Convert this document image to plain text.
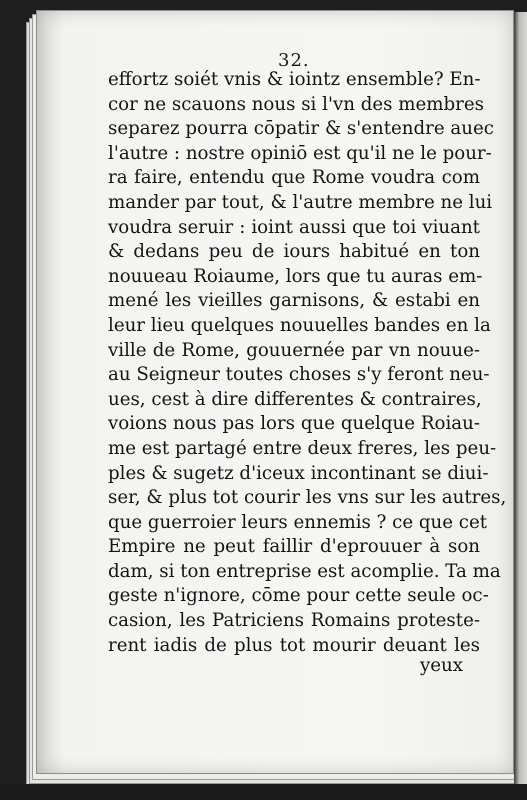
32.
effortz soiét vnis & iointz ensemble? En-
cor ne scauons nous si l'vn des membres
separez pourra cōpatir & s'entendre auec
l'autre : nostre opiniō est qu'il ne le pour-
ra faire, entendu que Rome voudra com
mander par tout, & l'autre membre ne lui
voudra seruir : ioint aussi que toi viuant
& dedans peu de iours habitué en ton
nouueau Roiaume, lors que tu auras em-
mené les vieilles garnisons, & estabi en
leur lieu quelques nouuelles bandes en la
ville de Rome, gouuernée par vn nouue-
au Seigneur toutes choses s'y feront neu-
ues, cest à dire differentes & contraires,
voions nous pas lors que quelque Roiau-
me est partagé entre deux freres, les peu-
ples & sugetz d'iceux incontinant se diui-
ser, & plus tot courir les vns sur les autres,
que guerroier leurs ennemis ? ce que cet
Empire ne peut faillir d'eprouuer à son
dam, si ton entreprise est acomplie. Ta ma
geste n'ignore, cōme pour cette seule oc-
casion, les Patriciens Romains proteste-
rent iadis de plus tot mourir deuant les
yeux
